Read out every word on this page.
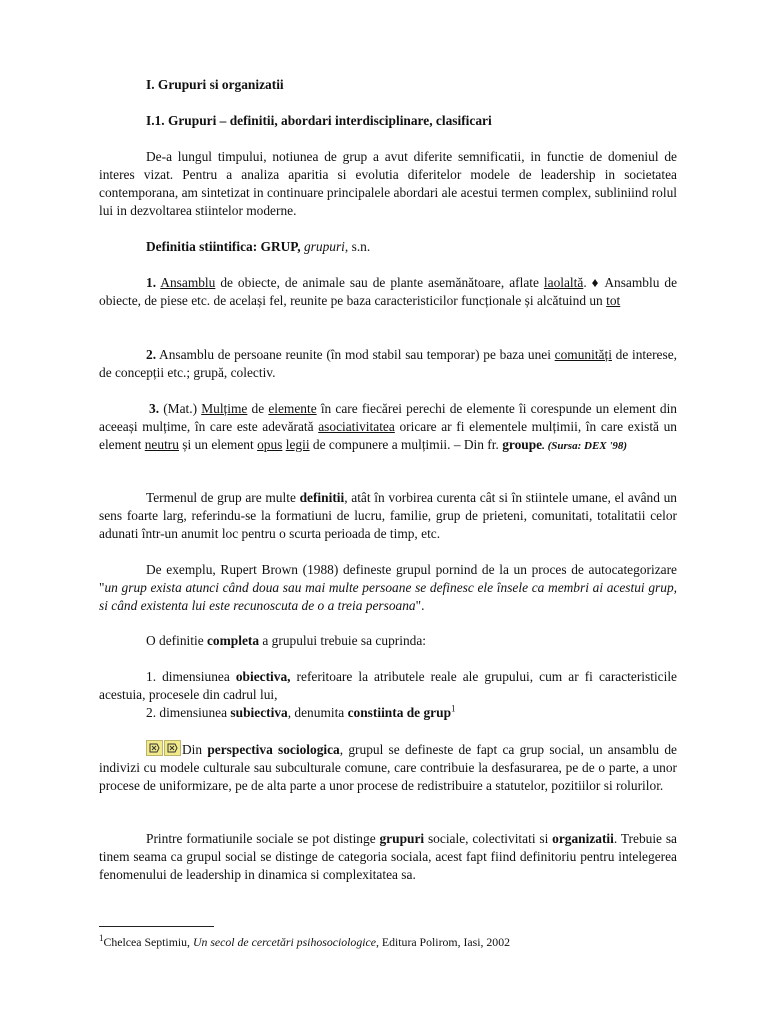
I. Grupuri si organizatii

I.1. Grupuri – definitii, abordari interdisciplinare, clasificari

De-a lungul timpului, notiunea de grup a avut diferite semnificatii, in functie de domeniul de interes vizat. Pentru a analiza aparitia si evolutia diferitelor modele de leadership in societatea contemporana, am sintetizat in continuare principalele abordari ale acestui termen complex, subliniind rolul lui in dezvoltarea stiintelor moderne.

Definitia stiintifica: GRUP, grupuri, s.n.

1. Ansamblu de obiecte, de animale sau de plante asemănătoare, aflate laolaltă. ♦ Ansamblu de obiecte, de piese etc. de același fel, reunite pe baza caracteristicilor funcționale și alcătuind un tot

2. Ansamblu de persoane reunite (în mod stabil sau temporar) pe baza unei comunități de interese, de concepții etc.; grupă, colectiv.

3. (Mat.) Mulțime de elemente în care fiecărei perechi de elemente îi corespunde un element din aceeași mulțime, în care este adevărată asociativitatea oricare ar fi elementele mulțimii, în care există un element neutru și un element opus legii de compunere a mulțimii. – Din fr. groupe. (Sursa: DEX '98)

Termenul de grup are multe definitii, atât în vorbirea curenta cât si în stiintele umane, el având un sens foarte larg, referindu-se la formatiuni de lucru, familie, grup de prieteni, comunitati, totalitatii celor adunati într-un anumit loc pentru o scurta perioada de timp, etc.

De exemplu, Rupert Brown (1988) defineste grupul pornind de la un proces de autocategorizare "un grup exista atunci când doua sau mai multe persoane se definesc ele însele ca membri ai acestui grup, si când existenta lui este recunoscuta de o a treia persoana".

O definitie completa a grupului trebuie sa cuprinda:

1. dimensiunea obiectiva, referitoare la atributele reale ale grupului, cum ar fi caracteristicile acestuia, procesele din cadrul lui,

2. dimensiunea subiectiva, denumita constiinta de grup$^1$

Din perspectiva sociologica, grupul se defineste de fapt ca grup social, un ansamblu de indivizi cu modele culturale sau subculturale comune, care contribuie la desfasurarea, pe de o parte, a unor procese de uniformizare, pe de alta parte a unor procese de redistribuire a statutelor, pozitiilor si rolurilor.

Printre formatiunile sociale se pot distinge grupuri sociale, colectivitati si organizatii. Trebuie sa tinem seama ca grupul social se distinge de categoria sociala, acest fapt fiind definitoriu pentru intelegerea fenomenului de leadership in dinamica si complexitatea sa.

$^1$Chelcea Septimiu, Un secol de cercetări psihosociologice, Editura Polirom, Iasi, 2002
